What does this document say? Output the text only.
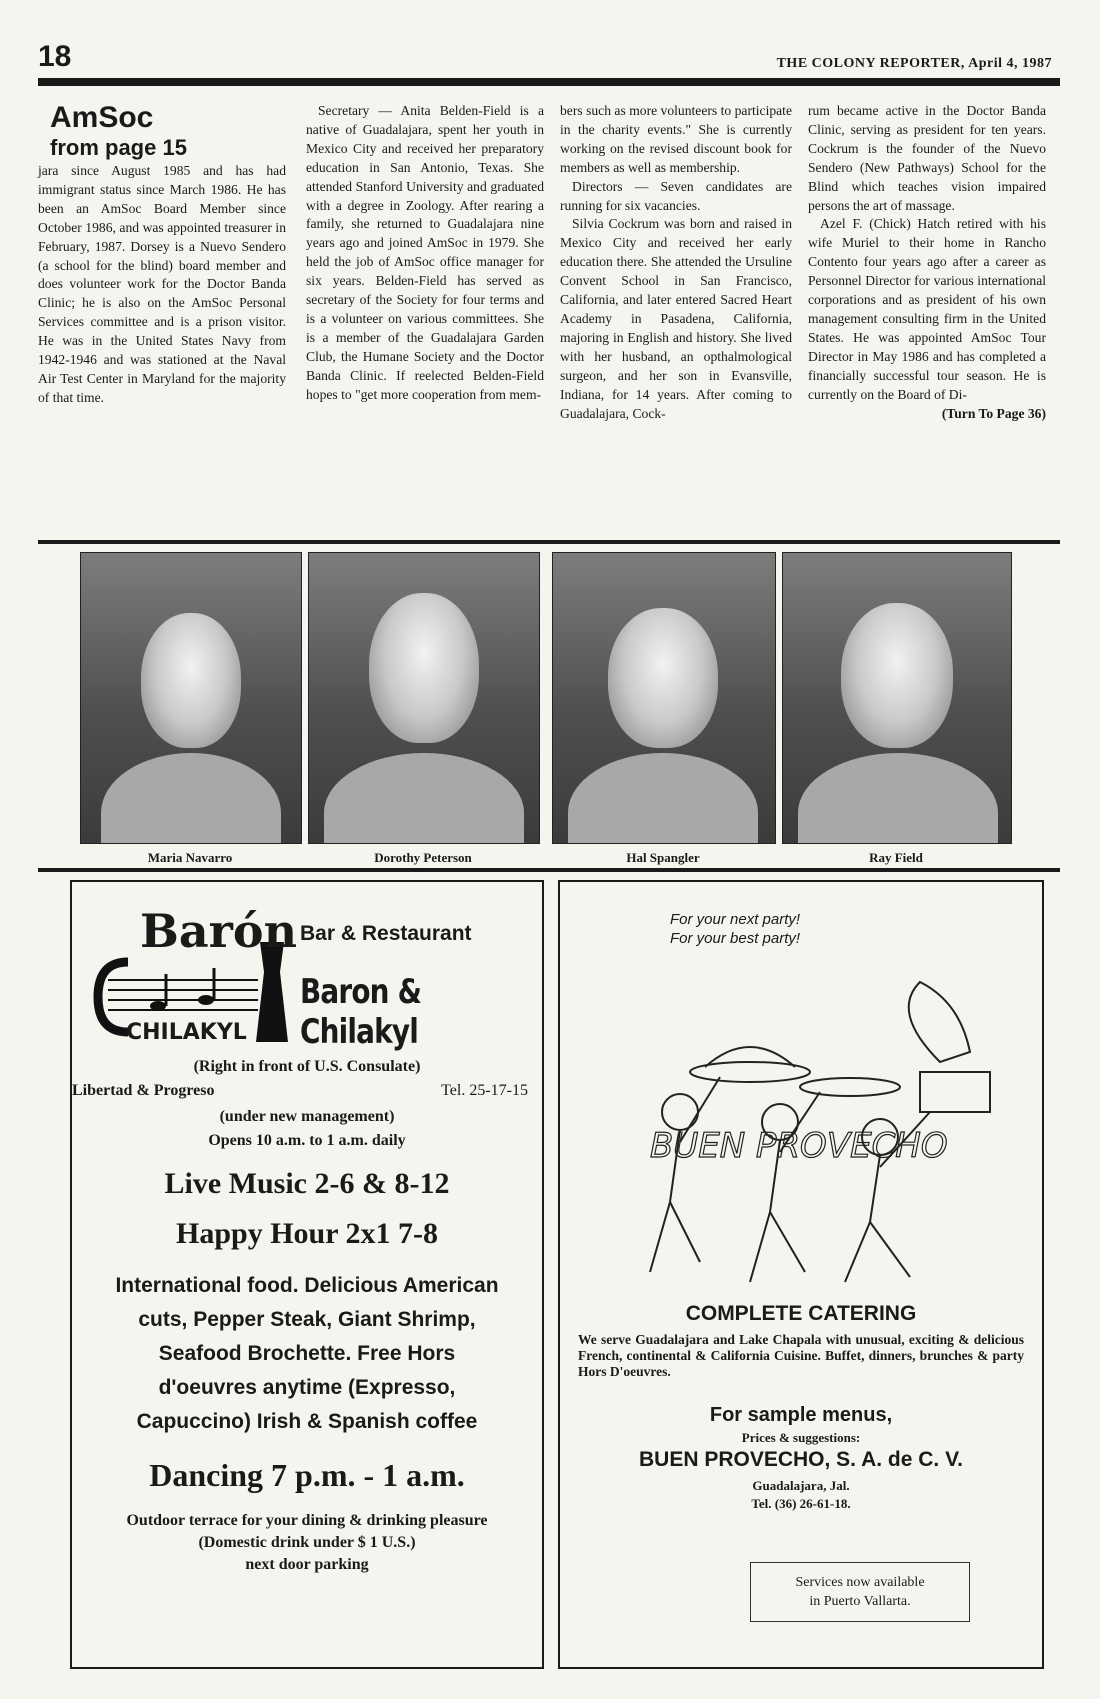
18	THE COLONY REPORTER, April 4, 1987

AmSoc

from page 15

jara since August 1985 and has had immigrant status since March 1986. He has been an AmSoc Board Member since October 1986, and was appointed treasurer in February, 1987. Dorsey is a Nuevo Sendero (a school for the blind) board member and does volunteer work for the Doctor Banda Clinic; he is also on the AmSoc Personal Services committee and is a prison visitor. He was in the United States Navy from 1942-1946 and was stationed at the Naval Air Test Center in Maryland for the majority of that time.

Secretary — Anita Belden-Field is a native of Guadalajara, spent her youth in Mexico City and received her preparatory education in San Antonio, Texas. She attended Stanford University and graduated with a degree in Zoology. After rearing a family, she returned to Guadalajara nine years ago and joined AmSoc in 1979. She held the job of AmSoc office manager for six years. Belden-Field has served as secretary of the Society for four terms and is a volunteer on various committees. She is a member of the Guadalajara Garden Club, the Humane Society and the Doctor Banda Clinic. If reelected Belden-Field hopes to "get more cooperation from mem-

bers such as more volunteers to participate in the charity events." She is currently working on the revised discount book for members as well as membership.

Directors — Seven candidates are running for six vacancies.

Silvia Cockrum was born and raised in Mexico City and received her early education there. She attended the Ursuline Convent School in San Francisco, California, and later entered Sacred Heart Academy in Pasadena, California, majoring in English and history. She lived with her husband, an opthalmological surgeon, and her son in Evansville, Indiana, for 14 years. After coming to Guadalajara, Cock-

rum became active in the Doctor Banda Clinic, serving as president for ten years. Cockrum is the founder of the Nuevo Sendero (New Pathways) School for the Blind which teaches vision impaired persons the art of massage.

Azel F. (Chick) Hatch retired with his wife Muriel to their home in Rancho Contento four years ago after a career as Personnel Director for various international corporations and as president of his own management consulting firm in the United States. He was appointed AmSoc Tour Director in May 1986 and has completed a financially successful tour season. He is currently on the Board of Di-

(Turn To Page 36)

Maria Navarro	Dorothy Peterson	Hal Spangler	Ray Field
Barón
CHILAKYL
Bar & Restaurant
Baron & Chilakyl
(Right in front of U.S. Consulate)
Libertad & Progreso	Tel. 25-17-15
(under new management)
Opens 10 a.m. to 1 a.m. daily
Live Music 2-6 & 8-12
Happy Hour 2x1 7-8
International food. Delicious American
cuts, Pepper Steak, Giant Shrimp,
Seafood Brochette. Free Hors
d'oeuvres anytime (Expresso,
Capuccino) Irish & Spanish coffee
Dancing 7 p.m. - 1 a.m.
Outdoor terrace for your dining & drinking pleasure
(Domestic drink under $ 1 U.S.)
next door parking
For your next party!
For your best party!
BUEN PROVECHO
COMPLETE CATERING
We serve Guadalajara and Lake Chapala with unusual, exciting & delicious French, continental & California Cuisine. Buffet, dinners, brunches & party Hors D'oeuvres.
For sample menus,
Prices & suggestions:
BUEN PROVECHO, S. A. de C. V.
Guadalajara, Jal.
Tel. (36) 26-61-18.
Services now available
in Puerto Vallarta.
